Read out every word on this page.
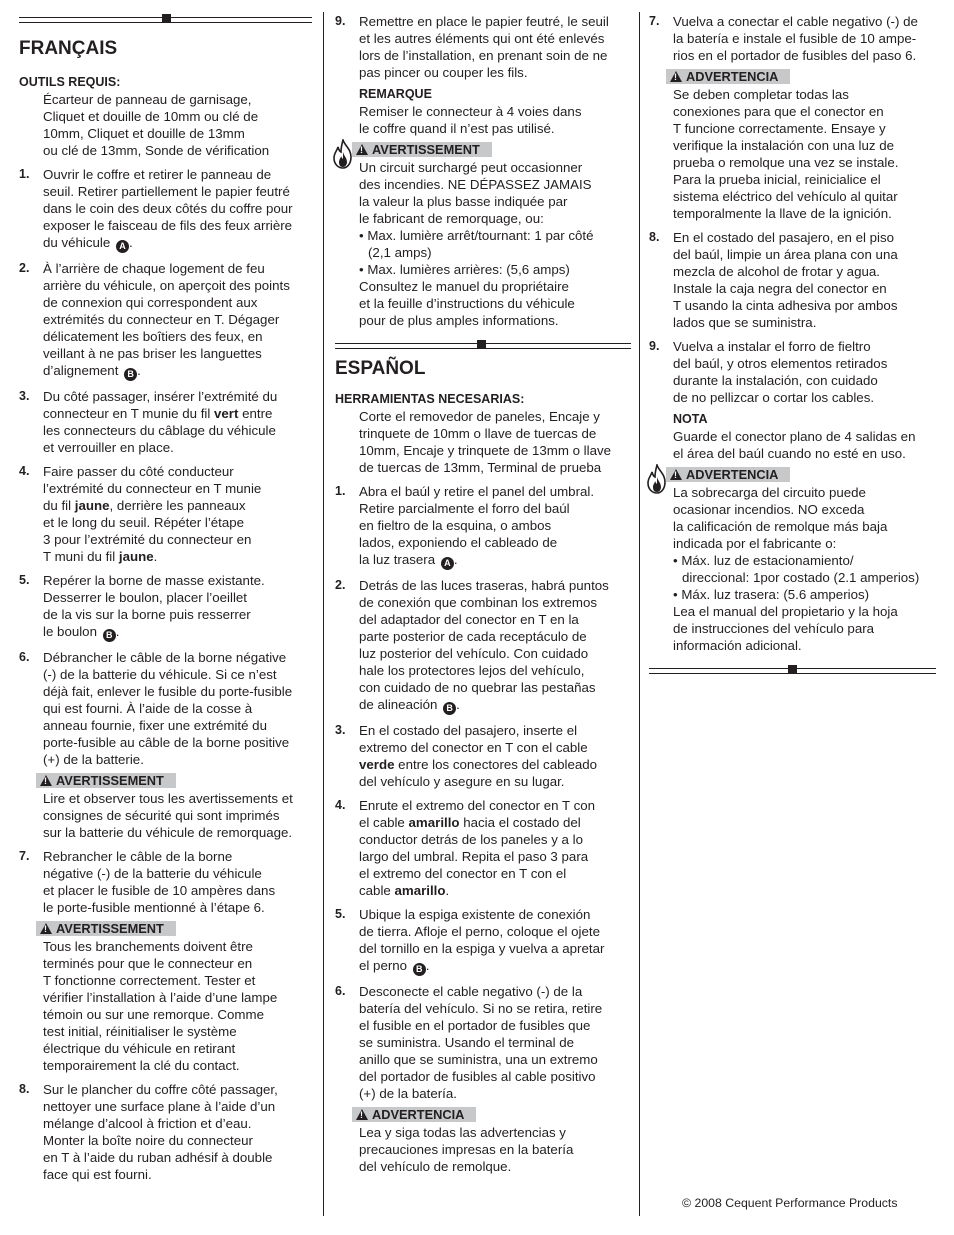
FRANÇAIS

OUTILS REQUIS:

Écarteur de panneau de garnisage,

Cliquet et douille de 10mm ou clé de

10mm, Cliquet et douille de 13mm

ou clé de 13mm, Sonde de vérification

1.	Ouvrir le coffre et retirer le panneau de

seuil. Retirer partiellement le papier feutré

dans le coin des deux côtés du coffre pour

exposer le faisceau de fils des feux arrière

du véhicule A .

2.	À l’arrière de chaque logement de feu

arrière du véhicule, on aperçoit des points

de connexion qui correspondent aux

extrémités du connecteur en T. Dégager

délicatement les boîtiers des feux, en

veillant à ne pas briser les languettes

d’alignement B .

3.	Du côté passager, insérer l’extrémité du

connecteur en T munie du fil vert entre

les connecteurs du câblage du véhicule

et verrouiller en place.

4.	Faire passer du côté conducteur

l’extrémité du connecteur en T munie

du fil jaune, derrière les panneaux

et le long du seuil. Répéter l’étape

3 pour l’extrémité du connecteur en

T muni du fil jaune.

5.	Repérer la borne de masse existante.

Desserrer le boulon, placer l’oeillet

de la vis sur la borne puis resserrer

le boulon B .

6.	Débrancher le câble de la borne négative

(-) de la batterie du véhicule. Si ce n’est

déjà fait, enlever le fusible du porte-fusible

qui est fourni. À l’aide de la cosse à

anneau fournie, fixer une extrémité du

porte-fusible au câble de la borne positive

(+) de la batterie.

!
AVERTISSEMENT

Lire et observer tous les avertissements et

consignes de sécurité qui sont imprimés

sur la batterie du véhicule de remorquage.

7.	Rebrancher le câble de la borne

négative (-) de la batterie du véhicule

et placer le fusible de 10 ampères dans

le porte-fusible mentionné à l’étape 6.

!
AVERTISSEMENT

Tous les branchements doivent être

terminés pour que le connecteur en

T fonctionne correctement. Tester et

vérifier l’installation à l’aide d’une lampe

témoin ou sur une remorque. Comme

test initial, réinitialiser le système

électrique du véhicule en retirant

temporairement la clé du contact.

8.	Sur le plancher du coffre côté passager,

nettoyer une surface plane à l’aide d’un

mélange d’alcool à friction et d’eau.

Monter la boîte noire du connecteur

en T à l’aide du ruban adhésif à double

face qui est fourni.

9.	Remettre en place le papier feutré, le seuil

et les autres éléments qui ont été enlevés

lors de l’installation, en prenant soin de ne

pas pincer ou couper les fils.

REMARQUE

Remiser le connecteur à 4 voies dans

le coffre quand il n’est pas utilisé.

!
AVERTISSEMENT

Un circuit surchargé peut occasionner

des incendies. NE DÉPASSEZ JAMAIS

la valeur la plus basse indiquée par

le fabricant de remorquage, ou:

• Max. lumière arrêt/tournant: 1 par côté

(2,1 amps)

• Max. lumières arrières: (5,6 amps)

Consultez le manuel du propriétaire

et la feuille d’instructions du véhicule

pour de plus amples informations.

ESPAÑOL

HERRAMIENTAS NECESARIAS:

Corte el removedor de paneles, Encaje y

trinquete de 10mm o llave de tuercas de

10mm, Encaje y trinquete de 13mm o llave

de tuercas de 13mm, Terminal de prueba

1.	Abra el baúl y retire el panel del umbral.

Retire parcialmente el forro del baúl

en fieltro de la esquina, o ambos

lados, exponiendo el cableado de

la luz trasera A .

2.	Detrás de las luces traseras, habrá puntos

de conexión que combinan los extremos

del adaptador del conector en T en la

parte posterior de cada receptáculo de

luz posterior del vehículo. Con cuidado

hale los protectores lejos del vehículo,

con cuidado de no quebrar las pestañas

de alineación B .

3.	En el costado del pasajero, inserte el

extremo del conector en T con el cable

verde entre los conectores del cableado

del vehículo y asegure en su lugar.

4.	Enrute el extremo del conector en T con

el cable amarillo hacia el costado del

conductor detrás de los paneles y a lo

largo del umbral. Repita el paso 3 para

el extremo del conector en T con el

cable amarillo.

5.	Ubique la espiga existente de conexión

de tierra. Afloje el perno, coloque el ojete

del tornillo en la espiga y vuelva a apretar

el perno B .

6.	Desconecte el cable negativo (-) de la

batería del vehículo. Si no se retira, retire

el fusible en el portador de fusibles que

se suministra. Usando el terminal de

anillo que se suministra, una un extremo

del portador de fusibles al cable positivo

(+) de la batería.

!
ADVERTENCIA

Lea y siga todas las advertencias y

precauciones impresas en la batería

del vehículo de remolque.

7.	Vuelva a conectar el cable negativo (-) de

la batería e instale el fusible de 10 ampe-

rios en el portador de fusibles del paso 6.

!
ADVERTENCIA

Se deben completar todas las

conexiones para que el conector en

T funcione correctamente. Ensaye y

verifique la instalación con una luz de

prueba o remolque una vez se instale.

Para la prueba inicial, reinicialice el

sistema eléctrico del vehículo al quitar

temporalmente la llave de la ignición.

8.	En el costado del pasajero, en el piso

del baúl, limpie un área plana con una

mezcla de alcohol de frotar y agua.

Instale la caja negra del conector en

T usando la cinta adhesiva por ambos

lados que se suministra.

9.	Vuelva a instalar el forro de fieltro

del baúl, y otros elementos retirados

durante la instalación, con cuidado

de no pellizcar o cortar los cables.

NOTA

Guarde el conector plano de 4 salidas en

el área del baúl cuando no esté en uso.

!
ADVERTENCIA

La sobrecarga del circuito puede

ocasionar incendios. NO exceda

la calificación de remolque más baja

indicada por el fabricante o:

• Máx. luz de estacionamiento/

direccional: 1por costado (2.1 amperios)

• Máx. luz trasera: (5.6 amperios)

Lea el manual del propietario y la hoja

de instrucciones del vehículo para

información adicional.

© 2008 Cequent Performance Products
